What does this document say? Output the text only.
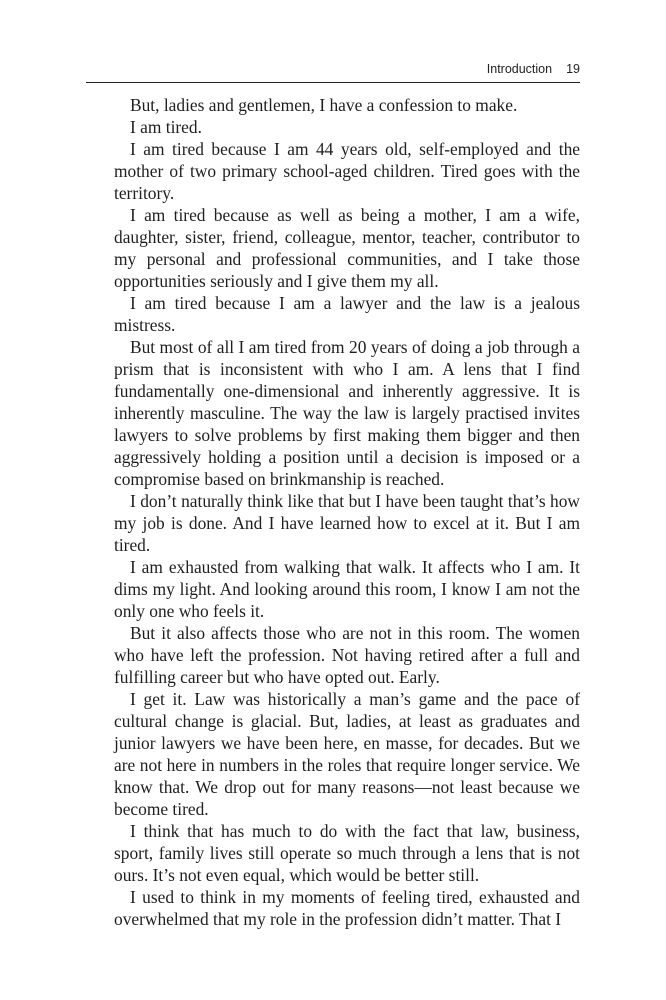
Introduction 19

But, ladies and gentlemen, I have a confession to make.

I am tired.

I am tired because I am 44 years old, self-employed and the mother of two primary school-aged children. Tired goes with the territory.

I am tired because as well as being a mother, I am a wife, daughter, sister, friend, colleague, mentor, teacher, contributor to my personal and professional communities, and I take those opportunities seriously and I give them my all.

I am tired because I am a lawyer and the law is a jealous mistress.

But most of all I am tired from 20 years of doing a job through a prism that is inconsistent with who I am. A lens that I find fundamentally one-dimensional and inherently aggressive. It is inherently masculine. The way the law is largely practised invites lawyers to solve problems by first making them bigger and then aggressively holding a position until a decision is imposed or a compromise based on brinkmanship is reached.

I don’t naturally think like that but I have been taught that’s how my job is done. And I have learned how to excel at it. But I am tired.

I am exhausted from walking that walk. It affects who I am. It dims my light. And looking around this room, I know I am not the only one who feels it.

But it also affects those who are not in this room. The women who have left the profession. Not having retired after a full and fulfilling career but who have opted out. Early.

I get it. Law was historically a man’s game and the pace of cultural change is glacial. But, ladies, at least as graduates and junior lawyers we have been here, en masse, for decades. But we are not here in numbers in the roles that require longer service. We know that. We drop out for many reasons—not least because we become tired.

I think that has much to do with the fact that law, business, sport, family lives still operate so much through a lens that is not ours. It’s not even equal, which would be better still.

I used to think in my moments of feeling tired, exhausted and overwhelmed that my role in the profession didn’t matter. That I
